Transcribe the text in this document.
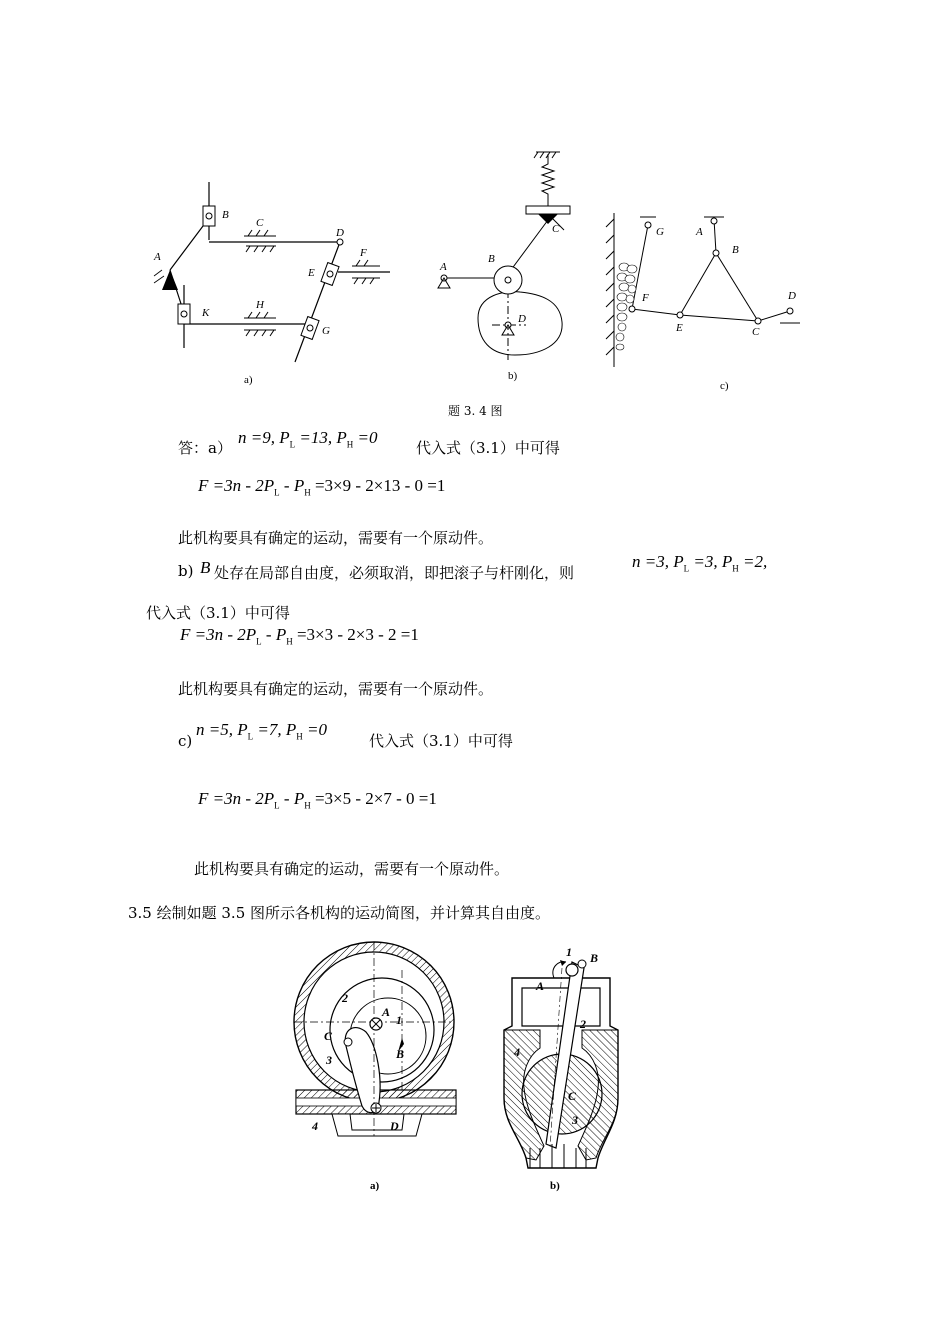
A
B
C
D
E
F
G
H
K
a)
A
B
C
D
b)
A
B
C
D
E
F
G
c)
题 3. 4 图
答：a）
n =9, $P_L =13$, $P_H =0$
代入式（3.1）中可得
$F =3n - 2P_L - P_H =3\times 9 - 2\times 13 - 0 =1$
此机构要具有确定的运动，需要有一个原动件。
b) B 处存在局部自由度，必须取消，即把滚子与杆刚化，则
n =3, $P_L =3$, $P_H =2$,
代入式（3.1）中可得
$F =3n - 2P_L - P_H =3\times 3 - 2\times 3 - 2 =1$
此机构要具有确定的运动，需要有一个原动件。
c)
n =5, $P_L =7$, $P_H =0$
代入式（3.1）中可得
$F =3n - 2P_L - P_H =3\times 5 - 2\times 7 - 0 =1$
此机构要具有确定的运动，需要有一个原动件。
3.5 绘制如题 3.5 图所示各机构的运动简图，并计算其自由度。
A
B
C
D
1
2
3
4
a)
A
B
C
1
2
3
4
b)
